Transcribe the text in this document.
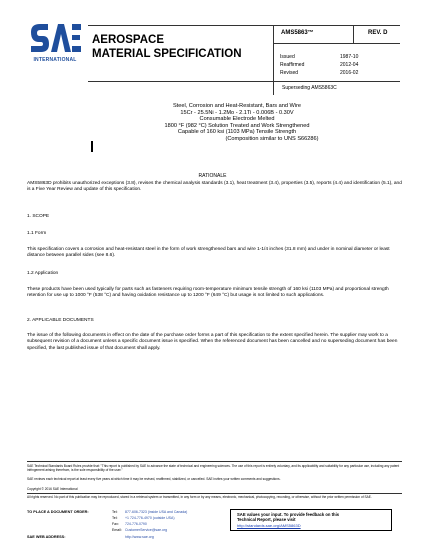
INTERNATIONAL
AEROSPACE
MATERIAL SPECIFICATION
AMS5863™	REV. D
Issued	1987-10
Reaffirmed	2012-04
Revised	2016-02
Superseding AMS5863C
Steel, Corrosion and Heat-Resistant, Bars and Wire
15Cr - 25.5Ni - 1.2Mo - 2.1Ti - 0.006B - 0.30V
Consumable Electrode Melted
1800 °F (982 °C) Solution Treated and Work Strengthened
Capable of 160 ksi (1103 MPa) Tensile Strength
(Composition similar to UNS S66286)
RATIONALE
AMS5863D prohibits unauthorized exceptions (3.8), revises the chemical analysis standards (3.1), heat treatment (3.4), properties (3.5), reports (4.4) and identification (5.1), and is a Five Year Review and update of this specification.
1. SCOPE
1.1 Form
This specification covers a corrosion and heat-resistant steel in the form of work strengthened bars and wire 1-1/4 inches (31.8 mm) and under in nominal diameter or least distance between parallel sides (see 8.6).
1.2 Application
These products have been used typically for parts such as fasteners requiring room-temperature minimum tensile strength of 160 ksi (1103 MPa) and proportional strength retention for use up to 1000 °F (538 °C) and having oxidation resistance up to 1200 °F (649 °C) but usage is not limited to such applications.
2. APPLICABLE DOCUMENTS
The issue of the following documents in effect on the date of the purchase order forms a part of this specification to the extent specified herein. The supplier may work to a subsequent revision of a document unless a specific document issue is specified. When the referenced document has been cancelled and no superseding document has been specified, the last published issue of that document shall apply.
SAE Technical Standards Board Rules provide that: "This report is published by SAE to advance the state of technical and engineering sciences. The use of this report is entirely voluntary, and its applicability and suitability for any particular use, including any patent infringement arising therefrom, is the sole responsibility of the user."
SAE reviews each technical report at least every five years at which time it may be revised, reaffirmed, stabilized, or cancelled. SAE invites your written comments and suggestions.
Copyright © 2016 SAE International
All rights reserved. No part of this publication may be reproduced, stored in a retrieval system or transmitted, in any form or by any means, electronic, mechanical, photocopying, recording, or otherwise, without the prior written permission of SAE.
TO PLACE A DOCUMENT ORDER:	Tel: 877-606-7323 (inside USA and Canada)
Tel: +1 724-776-4970 (outside USA)
Fax: 724-776-0790
Email: CustomerService@sae.org
SAE WEB ADDRESS:	http://www.sae.org
SAE values your input. To provide feedback on this
Technical Report, please visit
http://standards.sae.org/AMS5863D
